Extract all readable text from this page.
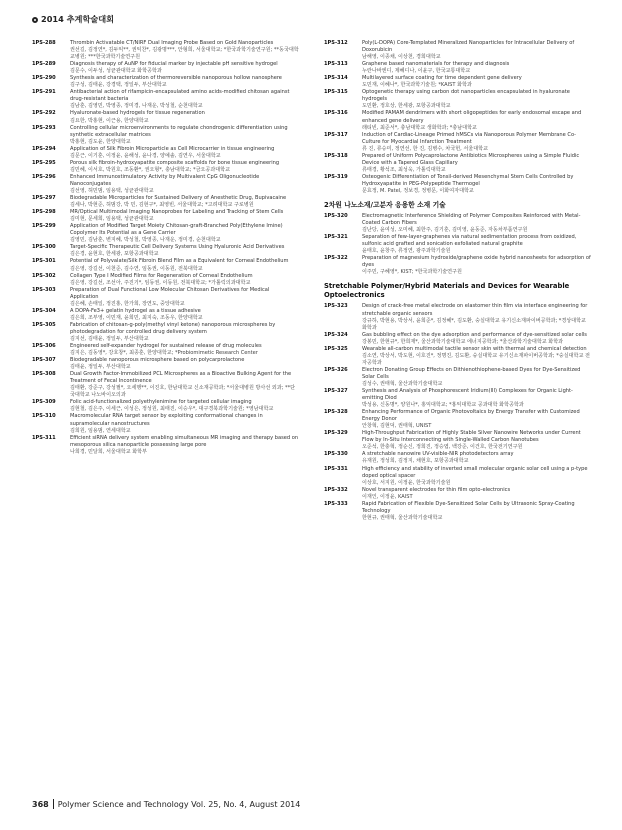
2014 추계학술대회
1PS-288	Thrombin Activatable CT/NIRF Dual Imaging Probe Based on Gold Nanoparticles
권선길, 김정연*, 김두익**, 권익찬*, 김광명***, 안형희, 서울대학교; *한국과학기술연구원; **동국대학교병원; ***한국과학기술연구원
1PS-289	Diagnosis therapy of AuNP for fiducial marker by injectable pH sensitive hydrogel
김문수, 이두성, 성균관대학교 화학공학과
1PS-290	Synthesis and characterization of thermoreversible nanoporous hollow nanosphere
김구성, 김태윤, 강경택, 정일두, 부산대학교
1PS-291	Antibacterial action of rifampicin-encapsulated amino acids-modified chitosan against drug-resistant bacteria
김남훈, 김영민, 박영종, 정미경, 나재운, 박성철, 순천대학교
1PS-292	Hyaluronate-based hydrogels for tissue regeneration
김요한, 박홍현, 이근용, 한양대학교
1PS-293	Controlling cellular microenvironments to regulate chondrogenic differentiation using synthetic extracellular matrices
박홍현, 김도윤, 한양대학교
1PS-294	Application of Silk Fibroin Microparticle as Cell Microcarrier in tissue engineering
김문근, 이기훈, 이정윤, 윤해성, 윤나경, 양예솔, 김연우, 서울대학교
1PS-295	Porous silk fibroin-hydroxyapatite composite scaffolds for bone tissue engineering
김민혜, 이서호, 박원호, 조동환*, 권오형*, 충남대학교; *금오공과대학교
1PS-296	Enhanced Immunostimulatory Activity by Multivalent CpG Oligonucleotide Nanoconjugates
김선영, 허민범, 임용택, 성균관대학교
1PS-297	Biodegradable Microparticles for Sustained Delivery of Anesthetic Drug, Bupivacaine
김세나, 박현준, 허범강, 박 민, 김현구*, 최영빈, 서울대학교; *고려대학교 구로병원
1PS-298	MR/Optical Multimodal Imaging Nanoprobes for Labeling and Tracking of Stem Cells
김미현, 문세희, 임용택, 성균관대학교
1PS-299	Application of Modified Target Moiety Chitosan-graft-Branched Poly(Ethylene Imine) Copolymer Its Potential as a Gene Carrier
김영민, 김남훈, 변지혜, 박성철, 박영종, 나재운, 정미경, 순천대학교
1PS-300	Target-Specific Therapeutic Cell Delivery Systems Using Hyaluronic Acid Derivatives
김은경, 윤현호, 한세광, 포항공과대학교
1PS-301	Potential of Polyvalate/Silk Fibroin Blend Film as a Equivalent for Corneal Endothelium
김은영, 강길선, 이천준, 김수연, 임동권, 이동원, 전북대학교
1PS-302	Collagen Type I Modified Films for Regeneration of Corneal Endothelium
김은영, 강길선, 조선아, 주진기*, 임동권, 이동원, 전북대학교; *가톨릭의과대학교
1PS-303	Preparation of Dual Functional Low Molecular Chitosan Derivatives for Medical Application
김은혜, 손태일, 정진홍, 한가희, 장연도, 중앙대학교
1PS-304	A DOPA-Fe3+ gelatin hydrogel as a tissue adhesive
김은희, 조부영, 이민재, 윤희민, 최지숙, 조동우, 한양대학교
1PS-305	Fabrication of chitosan-g-poly(methyl vinyl ketone) nanoporous microspheres by photodegradation for controlled drug delivery system
김지선, 김태윤, 정일두, 부산대학교
1PS-306	Engineered self-expander hydrogel for sustained release of drug molecules
김지은, 김동영*, 강호창*, 최종훈, 한양대학교; *Probiomimetic Research Center
1PS-307	Biodegradable nanoporous microsphere based on polycarprolactone
김태윤, 정일두, 부산대학교
1PS-308	Dual Growth Factor-Immobilized PCL Microspheres as a Bioactive Bulking Agent for the Treatment of Fecal Incontinence
김태환, 강준구, 강성필*, 오세행**, 이진호, 한남대학교 신소재공학과; *서울대병원 방사선 외과; **단국대학교 나노바이오의과
1PS-309	Folic acid-functionalized polyethylenimine for targeted cellular imaging
김현철, 김은주, 이세근, 이성은, 정성원, 최태진, 이승우*, 대구경북과학기술원; *영남대학교
1PS-310	Macromolecular RNA target sensor by exploiting conformational changes in supramolecular nanostructures
김희원, 임용범, 연세대학교
1PS-311	Efficient siRNA delivery system enabling simultaneous MR imaging and therapy based on mesoporous silica nanoparticle possessing large pore
나희경, 민달희, 서울대학교 화학부
1PS-312	Poly(L-DOPA) Core-Templated Mineralized Nanoparticles for Intracellular Delivery of Doxorubicin
남해영, 이종채, 이상천, 경희대학교
1PS-313	Graphene based nanomaterials for therapy and diagnosis
누란나바엔디, 제혜디나, 이윤구, 한국교통대학교
1PS-314	Multilayered surface coating for time dependent gene delivery
도민재, 이혜나*, 한국과학기술원; *KAIST 화학과
1PS-315	Optogenetic therapy using carbon dot nanoparticles encapsulated in hyaluronate hydrogels
도민환, 정호상, 한세광, 포항공과대학교
1PS-316	Modified PAMAM dendrimers with short oligopeptides for early endosomal escape and enhanced gene delivery
래티빈, 최준서*, 충남대학교 생화학과; *충남대학교
1PS-317	Induction of Cardiac-Lineage Primed hMSCs via Nanoporous Polymer Membrane Co-Culture for Myocardial Infarction Treatment
류 진, 류승미, 정연선, 한 진, 김병수, 차국헌, 서울대학교
1PS-318	Prepared of Uniform Polycaprolactone Antibiotics Microspheres using a Simple Fluidic Device with a Tapered Glass Capillary
류태경, 황석조, 최성욱, 가톨릭대학교
1PS-319	Osteogenic Differentiation of Tonsil-derived Mesenchymal Stem Cells Controlled by Hydroxyapatite in PEG-Polypeptide Thermogel
문효정, M. Patel, 정보경, 정병문, 이화여자대학교
2차원 나노소재/고분자 응용한 소재 기술
1PS-320	Electromagnetic Interference Shielding of Polymer Composites Reinforced with Metal-Coated Carbon Fibers
김난당, 윤여성, 오미혜, 최한주, 김기훈, 김미영, 윤동준, 자동차부품연구원
1PS-321	Separation of few-layer-graphenes via natural sedimentation process from oxidized, sulfonic acid grafted and sonication exfoliated natural graphite
윤태호, 윤창주, 류정연, 광주과학기술원
1PS-322	Preparation of magnesium hydroxide/graphene oxide hybrid nanosheets for adsorption of dyes
이주민, 구혜영*, KIST; *한국과학기술연구원
Stretchable Polymer/Hybrid Materials and Devices for Wearable Optoelectronics
1PS-323	Design of crack-free metal electrode on elastomer thin film via interface engineering for stretchable organic sensors
강규하, 박현용, 박상서, 윤희준*, 김정혜*, 김도환, 숭실대학교 유기신소재파이버공학과; *경상대학교 화학과
1PS-324	Gas bubbling effect on the dye adsorption and performance of dye-sensitized solar cells
강봉민, 한현규*, 한희재*, 울산과학기술대학교 에너지공학과; *울산과학기술대학교 화학과
1PS-325	Wearable all-carbon multimodal tactile sensor skin with thermal and chemical detection
김소연, 박상서, 박도현, 이호진*, 정명진, 김도환, 숭실대학교 유기신소재파이버공학과; *숭실대학교 전자공학과
1PS-326	Electron Donating Group Effects on Dithienothiophene-based Dyes for Dye-Sensitized Solar Cells
김성수, 권태혁, 울산과학기술대학교
1PS-327	Synthesis and Analysis of Phosphorescent Iridium(III) Complexes for Organic Light-emitting Diod
박성용, 신동명*, 양원나*, 홍익대학교; *홍익대학교 공과대학 화학공학과
1PS-328	Enhancing Performance of Organic Photovoltaics by Energy Transfer with Customized Energy Donor
안창혁, 김현덕, 권태혁, UNIST
1PS-329	High-Throughput Fabrication of Highly Stable Silver Nanowire Networks under Current Flow by In-Situ Interconnecting with Single-Walled Carbon Nanotubes
오준석, 한충혁, 정순신, 정희진, 정승엽, 백강준, 이건호, 한국전기연구원
1PS-330	A stretchable nanowire UV-visible-NIR photodetectors array
유재원, 정성희, 김정지, 채현호, 포항공과대학교
1PS-331	High efficiency and stability of inverted small molecular organic solar cell using a p-type doped optical spacer
이상호, 서지원, 이정윤, 한국과학기술원
1PS-332	Novel transparent electrodes for thin film opto-electronics
이재인, 이정윤, KAIST
1PS-333	Rapid Fabrication of Flexible Dye-Sensitized Solar Cells by Ultrasonic Spray-Coating Technology
한현규, 권태혁, 울산과학기술대학교
368 Polymer Science and Technology Vol. 25, No. 4, August 2014
